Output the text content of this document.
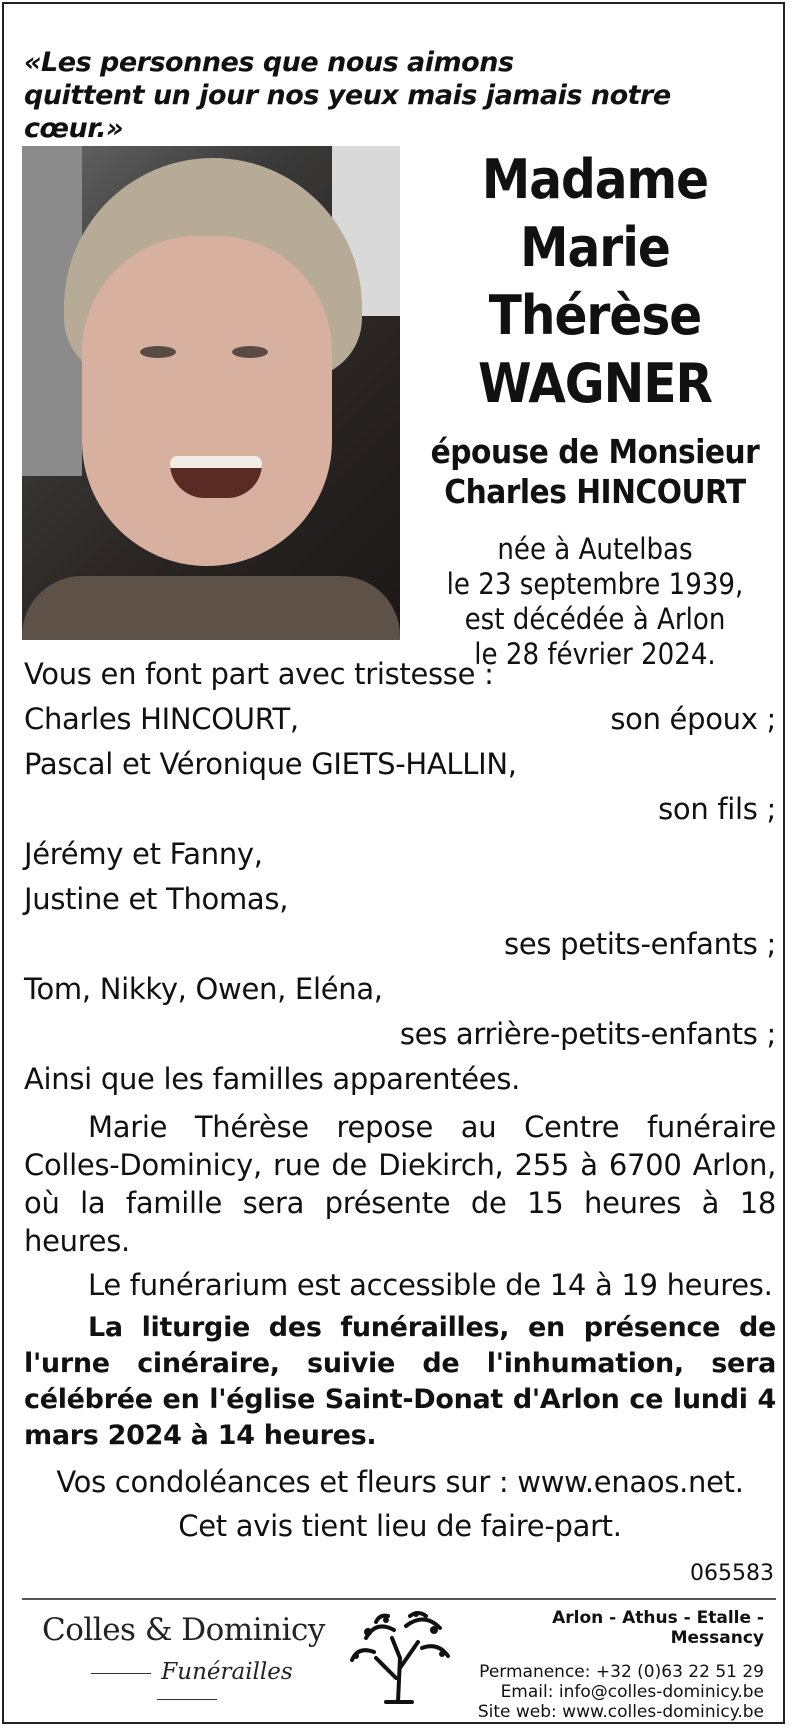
«Les personnes que nous aimons
quittent un jour nos yeux mais jamais notre cœur.»
Madame
Marie Thérèse
WAGNER
épouse de Monsieur
Charles HINCOURT
née à Autelbas
le 23 septembre 1939,
est décédée à Arlon
le 28 février 2024.
Vous en font part avec tristesse :
Charles HINCOURT,	son époux ;
Pascal et Véronique GIETS-HALLIN,
son fils ;
Jérémy et Fanny,
Justine et Thomas,
ses petits-enfants ;
Tom, Nikky, Owen, Eléna,
ses arrière-petits-enfants ;
Ainsi que les familles apparentées.
Marie Thérèse repose au Centre funéraire Colles-Dominicy, rue de Diekirch, 255 à 6700 Arlon, où la famille sera présente de 15 heures à 18 heures.
Le funérarium est accessible de 14 à 19 heures.
La liturgie des funérailles, en présence de l'urne cinéraire, suivie de l'inhumation, sera célébrée en l'église Saint-Donat d'Arlon ce lundi 4 mars 2024 à 14 heures.
Vos condoléances et fleurs sur : www.enaos.net.
Cet avis tient lieu de faire-part.
065583
Colles & Dominicy
Funérailles
Arlon - Athus - Etalle - Messancy
Permanence: +32 (0)63 22 51 29
Email: info@colles-dominicy.be
Site web: www.colles-dominicy.be
